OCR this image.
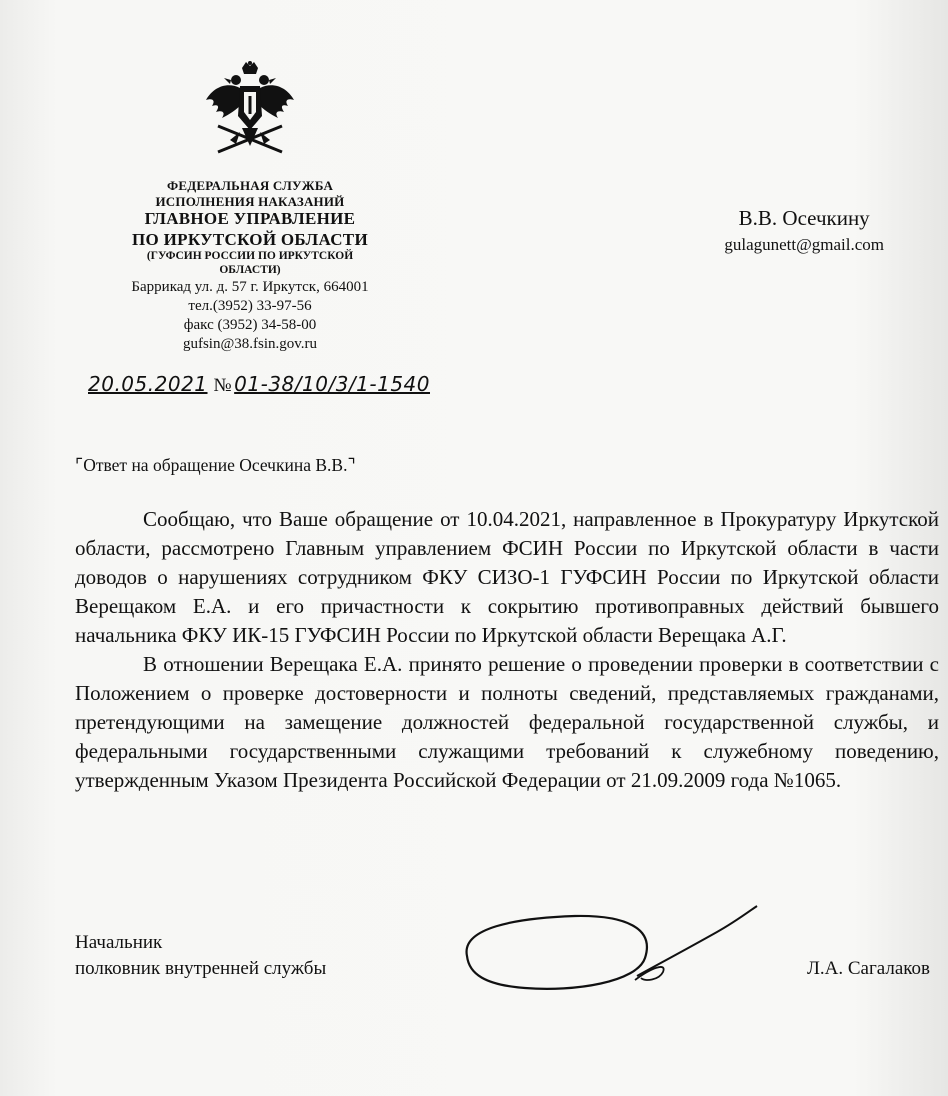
ФЕДЕРАЛЬНАЯ СЛУЖБА
ИСПОЛНЕНИЯ НАКАЗАНИЙ
ГЛАВНОЕ УПРАВЛЕНИЕ
ПО ИРКУТСКОЙ ОБЛАСТИ
(ГУФСИН РОССИИ ПО ИРКУТСКОЙ
ОБЛАСТИ)
Баррикад ул. д. 57 г. Иркутск, 664001
тел.(3952) 33-97-56
факс (3952) 34-58-00
gufsin@38.fsin.gov.ru
20.05.2021 № 01-38/10/3/1-1540
В.В. Осечкину
gulagunett@gmail.com
⌜Ответ на обращение Осечкина В.В.⌝

Сообщаю, что Ваше обращение от 10.04.2021, направленное в Прокуратуру Иркутской области, рассмотрено Главным управлением ФСИН России по Иркутской области в части доводов о нарушениях сотрудником ФКУ СИЗО-1 ГУФСИН России по Иркутской области Верещаком Е.А. и его причастности к сокрытию противоправных действий бывшего начальника ФКУ ИК-15 ГУФСИН России по Иркутской области Верещака А.Г.

В отношении Верещака Е.А. принято решение о проведении проверки в соответствии с Положением о проверке достоверности и полноты сведений, представляемых гражданами, претендующими на замещение должностей федеральной государственной службы, и федеральными государственными служащими требований к служебному поведению, утвержденным Указом Президента Российской Федерации от 21.09.2009 года №1065.

Начальник
полковник внутренней службы	Л.А. Сагалаков
